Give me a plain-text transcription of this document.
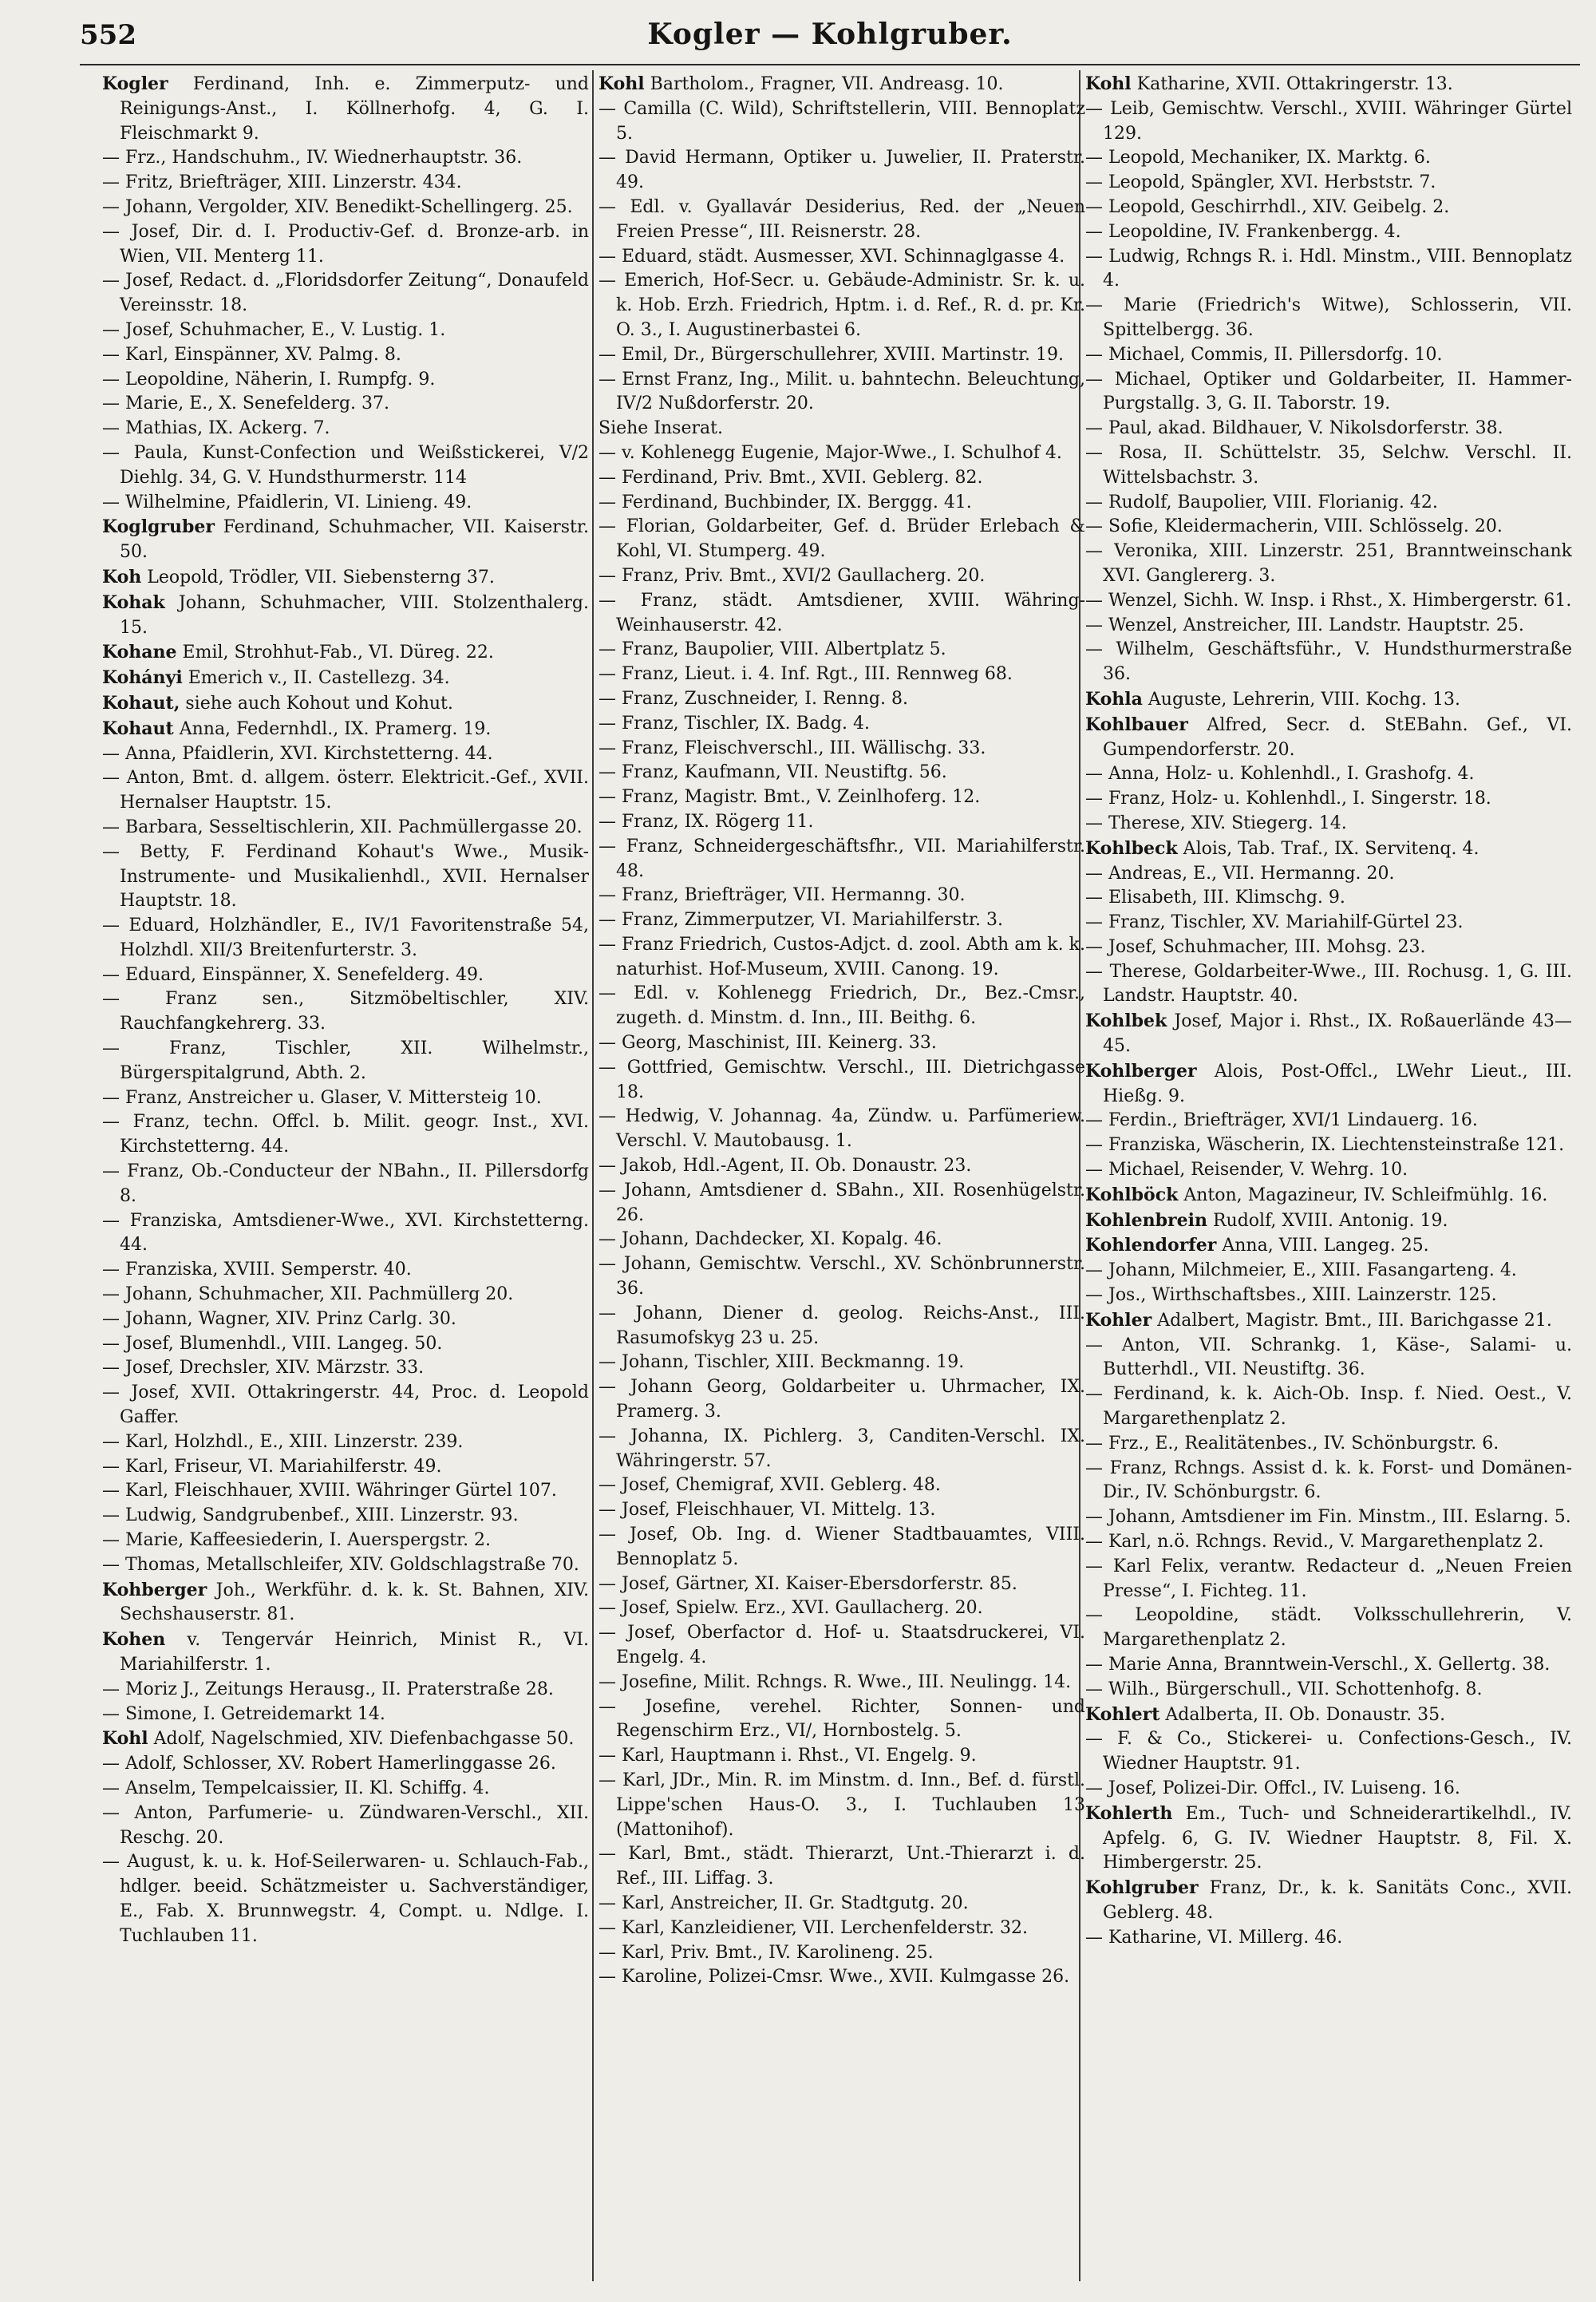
552	Kogler — Kohlgruber.

Kogler Ferdinand, Inh. e. Zimmerputz- und Reinigungs-Anst., I. Köllnerhofg. 4, G. I. Fleischmarkt 9.

— Frz., Handschuhm., IV. Wiednerhauptstr. 36.

— Fritz, Briefträger, XIII. Linzerstr. 434.

— Johann, Vergolder, XIV. Benedikt-Schellingerg. 25.

— Josef, Dir. d. I. Productiv-Gef. d. Bronze-arb. in Wien, VII. Menterg 11.

— Josef, Redact. d. „Floridsdorfer Zeitung“, Donaufeld Vereinsstr. 18.

— Josef, Schuhmacher, E., V. Lustig. 1.

— Karl, Einspänner, XV. Palmg. 8.

— Leopoldine, Näherin, I. Rumpfg. 9.

— Marie, E., X. Senefelderg. 37.

— Mathias, IX. Ackerg. 7.

— Paula, Kunst-Confection und Weißstickerei, V/2 Diehlg. 34, G. V. Hundsthurmerstr. 114

— Wilhelmine, Pfaidlerin, VI. Linieng. 49.

Koglgruber Ferdinand, Schuhmacher, VII. Kaiserstr. 50.

Koh Leopold, Trödler, VII. Siebensterng 37.

Kohak Johann, Schuhmacher, VIII. Stolzenthalerg. 15.

Kohane Emil, Strohhut-Fab., VI. Düreg. 22.

Kohányi Emerich v., II. Castellezg. 34.

Kohaut, siehe auch Kohout und Kohut.

Kohaut Anna, Federnhdl., IX. Pramerg. 19.

— Anna, Pfaidlerin, XVI. Kirchstetterng. 44.

— Anton, Bmt. d. allgem. österr. Elektricit.-Gef., XVII. Hernalser Hauptstr. 15.

— Barbara, Sesseltischlerin, XII. Pachmüllergasse 20.

— Betty, F. Ferdinand Kohaut's Wwe., Musik-Instrumente- und Musikalienhdl., XVII. Hernalser Hauptstr. 18.

— Eduard, Holzhändler, E., IV/1 Favoritenstraße 54, Holzhdl. XII/3 Breitenfurterstr. 3.

— Eduard, Einspänner, X. Senefelderg. 49.

— Franz sen., Sitzmöbeltischler, XIV. Rauchfangkehrerg. 33.

— Franz, Tischler, XII. Wilhelmstr., Bürgerspitalgrund, Abth. 2.

— Franz, Anstreicher u. Glaser, V. Mittersteig 10.

— Franz, techn. Offcl. b. Milit. geogr. Inst., XVI. Kirchstetterng. 44.

— Franz, Ob.-Conducteur der NBahn., II. Pillersdorfg 8.

— Franziska, Amtsdiener-Wwe., XVI. Kirchstetterng. 44.

— Franziska, XVIII. Semperstr. 40.

— Johann, Schuhmacher, XII. Pachmüllerg 20.

— Johann, Wagner, XIV. Prinz Carlg. 30.

— Josef, Blumenhdl., VIII. Langeg. 50.

— Josef, Drechsler, XIV. Märzstr. 33.

— Josef, XVII. Ottakringerstr. 44, Proc. d. Leopold Gaffer.

— Karl, Holzhdl., E., XIII. Linzerstr. 239.

— Karl, Friseur, VI. Mariahilferstr. 49.

— Karl, Fleischhauer, XVIII. Währinger Gürtel 107.

— Ludwig, Sandgrubenbef., XIII. Linzerstr. 93.

— Marie, Kaffeesiederin, I. Auerspergstr. 2.

— Thomas, Metallschleifer, XIV. Goldschlagstraße 70.

Kohberger Joh., Werkführ. d. k. k. St. Bahnen, XIV. Sechshauserstr. 81.

Kohen v. Tengervár Heinrich, Minist R., VI. Mariahilferstr. 1.

— Moriz J., Zeitungs Herausg., II. Praterstraße 28.

— Simone, I. Getreidemarkt 14.

Kohl Adolf, Nagelschmied, XIV. Diefenbachgasse 50.

— Adolf, Schlosser, XV. Robert Hamerlinggasse 26.

— Anselm, Tempelcaissier, II. Kl. Schiffg. 4.

— Anton, Parfumerie- u. Zündwaren-Verschl., XII. Reschg. 20.

— August, k. u. k. Hof-Seilerwaren- u. Schlauch-Fab., hdlger. beeid. Schätzmeister u. Sachverständiger, E., Fab. X. Brunnwegstr. 4, Compt. u. Ndlge. I. Tuchlauben 11.

Kohl Bartholom., Fragner, VII. Andreasg. 10.

— Camilla (C. Wild), Schriftstellerin, VIII. Bennoplatz 5.

— David Hermann, Optiker u. Juwelier, II. Praterstr. 49.

— Edl. v. Gyallavár Desiderius, Red. der „Neuen Freien Presse“, III. Reisnerstr. 28.

— Eduard, städt. Ausmesser, XVI. Schinnaglgasse 4.

— Emerich, Hof-Secr. u. Gebäude-Administr. Sr. k. u. k. Hob. Erzh. Friedrich, Hptm. i. d. Ref., R. d. pr. Kr. O. 3., I. Augustinerbastei 6.

— Emil, Dr., Bürgerschullehrer, XVIII. Martinstr. 19.

— Ernst Franz, Ing., Milit. u. bahntechn. Beleuchtung, IV/2 Nußdorferstr. 20.

Siehe Inserat.

— v. Kohlenegg Eugenie, Major-Wwe., I. Schulhof 4.

— Ferdinand, Priv. Bmt., XVII. Geblerg. 82.

— Ferdinand, Buchbinder, IX. Berggg. 41.

— Florian, Goldarbeiter, Gef. d. Brüder Erlebach & Kohl, VI. Stumperg. 49.

— Franz, Priv. Bmt., XVI/2 Gaullacherg. 20.

— Franz, städt. Amtsdiener, XVIII. Währing-Weinhauserstr. 42.

— Franz, Baupolier, VIII. Albertplatz 5.

— Franz, Lieut. i. 4. Inf. Rgt., III. Rennweg 68.

— Franz, Zuschneider, I. Renng. 8.

— Franz, Tischler, IX. Badg. 4.

— Franz, Fleischverschl., III. Wällischg. 33.

— Franz, Kaufmann, VII. Neustiftg. 56.

— Franz, Magistr. Bmt., V. Zeinlhoferg. 12.

— Franz, IX. Rögerg 11.

— Franz, Schneidergeschäftsfhr., VII. Mariahilferstr. 48.

— Franz, Briefträger, VII. Hermanng. 30.

— Franz, Zimmerputzer, VI. Mariahilferstr. 3.

— Franz Friedrich, Custos-Adjct. d. zool. Abth am k. k. naturhist. Hof-Museum, XVIII. Canong. 19.

— Edl. v. Kohlenegg Friedrich, Dr., Bez.-Cmsr., zugeth. d. Minstm. d. Inn., III. Beithg. 6.

— Georg, Maschinist, III. Keinerg. 33.

— Gottfried, Gemischtw. Verschl., III. Dietrichgasse 18.

— Hedwig, V. Johannag. 4a, Zündw. u. Parfümeriew. Verschl. V. Mautobausg. 1.

— Jakob, Hdl.-Agent, II. Ob. Donaustr. 23.

— Johann, Amtsdiener d. SBahn., XII. Rosenhügelstr. 26.

— Johann, Dachdecker, XI. Kopalg. 46.

— Johann, Gemischtw. Verschl., XV. Schönbrunnerstr. 36.

— Johann, Diener d. geolog. Reichs-Anst., III. Rasumofskyg 23 u. 25.

— Johann, Tischler, XIII. Beckmanng. 19.

— Johann Georg, Goldarbeiter u. Uhrmacher, IX. Pramerg. 3.

— Johanna, IX. Pichlerg. 3, Canditen-Verschl. IX. Währingerstr. 57.

— Josef, Chemigraf, XVII. Geblerg. 48.

— Josef, Fleischhauer, VI. Mittelg. 13.

— Josef, Ob. Ing. d. Wiener Stadtbauamtes, VIII. Bennoplatz 5.

— Josef, Gärtner, XI. Kaiser-Ebersdorferstr. 85.

— Josef, Spielw. Erz., XVI. Gaullacherg. 20.

— Josef, Oberfactor d. Hof- u. Staatsdruckerei, VI. Engelg. 4.

— Josefine, Milit. Rchngs. R. Wwe., III. Neulingg. 14.

— Josefine, verehel. Richter, Sonnen- und Regenschirm Erz., VI/, Hornbostelg. 5.

— Karl, Hauptmann i. Rhst., VI. Engelg. 9.

— Karl, JDr., Min. R. im Minstm. d. Inn., Bef. d. fürstl. Lippe'schen Haus-O. 3., I. Tuchlauben 13 (Mattonihof).

— Karl, Bmt., städt. Thierarzt, Unt.-Thierarzt i. d. Ref., III. Liffag. 3.

— Karl, Anstreicher, II. Gr. Stadtgutg. 20.

— Karl, Kanzleidiener, VII. Lerchenfelderstr. 32.

— Karl, Priv. Bmt., IV. Karolineng. 25.

— Karoline, Polizei-Cmsr. Wwe., XVII. Kulmgasse 26.

Kohl Katharine, XVII. Ottakringerstr. 13.

— Leib, Gemischtw. Verschl., XVIII. Währinger Gürtel 129.

— Leopold, Mechaniker, IX. Marktg. 6.

— Leopold, Spängler, XVI. Herbststr. 7.

— Leopold, Geschirrhdl., XIV. Geibelg. 2.

— Leopoldine, IV. Frankenbergg. 4.

— Ludwig, Rchngs R. i. Hdl. Minstm., VIII. Bennoplatz 4.

— Marie (Friedrich's Witwe), Schlosserin, VII. Spittelbergg. 36.

— Michael, Commis, II. Pillersdorfg. 10.

— Michael, Optiker und Goldarbeiter, II. Hammer-Purgstallg. 3, G. II. Taborstr. 19.

— Paul, akad. Bildhauer, V. Nikolsdorferstr. 38.

— Rosa, II. Schüttelstr. 35, Selchw. Verschl. II. Wittelsbachstr. 3.

— Rudolf, Baupolier, VIII. Florianig. 42.

— Sofie, Kleidermacherin, VIII. Schlösselg. 20.

— Veronika, XIII. Linzerstr. 251, Branntweinschank XVI. Ganglererg. 3.

— Wenzel, Sichh. W. Insp. i Rhst., X. Himbergerstr. 61.

— Wenzel, Anstreicher, III. Landstr. Hauptstr. 25.

— Wilhelm, Geschäftsführ., V. Hundsthurmerstraße 36.

Kohla Auguste, Lehrerin, VIII. Kochg. 13.

Kohlbauer Alfred, Secr. d. StEBahn. Gef., VI. Gumpendorferstr. 20.

— Anna, Holz- u. Kohlenhdl., I. Grashofg. 4.

— Franz, Holz- u. Kohlenhdl., I. Singerstr. 18.

— Therese, XIV. Stiegerg. 14.

Kohlbeck Alois, Tab. Traf., IX. Servitenq. 4.

— Andreas, E., VII. Hermanng. 20.

— Elisabeth, III. Klimschg. 9.

— Franz, Tischler, XV. Mariahilf-Gürtel 23.

— Josef, Schuhmacher, III. Mohsg. 23.

— Therese, Goldarbeiter-Wwe., III. Rochusg. 1, G. III. Landstr. Hauptstr. 40.

Kohlbek Josef, Major i. Rhst., IX. Roßauerlände 43—45.

Kohlberger Alois, Post-Offcl., LWehr Lieut., III. Hießg. 9.

— Ferdin., Briefträger, XVI/1 Lindauerg. 16.

— Franziska, Wäscherin, IX. Liechtensteinstraße 121.

— Michael, Reisender, V. Wehrg. 10.

Kohlböck Anton, Magazineur, IV. Schleifmühlg. 16.

Kohlenbrein Rudolf, XVIII. Antonig. 19.

Kohlendorfer Anna, VIII. Langeg. 25.

— Johann, Milchmeier, E., XIII. Fasangarteng. 4.

— Jos., Wirthschaftsbes., XIII. Lainzerstr. 125.

Kohler Adalbert, Magistr. Bmt., III. Barichgasse 21.

— Anton, VII. Schrankg. 1, Käse-, Salami- u. Butterhdl., VII. Neustiftg. 36.

— Ferdinand, k. k. Aich-Ob. Insp. f. Nied. Oest., V. Margarethenplatz 2.

— Frz., E., Realitätenbes., IV. Schönburgstr. 6.

— Franz, Rchngs. Assist d. k. k. Forst- und Domänen-Dir., IV. Schönburgstr. 6.

— Johann, Amtsdiener im Fin. Minstm., III. Eslarng. 5.

— Karl, n.ö. Rchngs. Revid., V. Margarethenplatz 2.

— Karl Felix, verantw. Redacteur d. „Neuen Freien Presse“, I. Fichteg. 11.

— Leopoldine, städt. Volksschullehrerin, V. Margarethenplatz 2.

— Marie Anna, Branntwein-Verschl., X. Gellertg. 38.

— Wilh., Bürgerschull., VII. Schottenhofg. 8.

Kohlert Adalberta, II. Ob. Donaustr. 35.

— F. & Co., Stickerei- u. Confections-Gesch., IV. Wiedner Hauptstr. 91.

— Josef, Polizei-Dir. Offcl., IV. Luiseng. 16.

Kohlerth Em., Tuch- und Schneiderartikelhdl., IV. Apfelg. 6, G. IV. Wiedner Hauptstr. 8, Fil. X. Himbergerstr. 25.

Kohlgruber Franz, Dr., k. k. Sanitäts Conc., XVII. Geblerg. 48.

— Katharine, VI. Millerg. 46.
